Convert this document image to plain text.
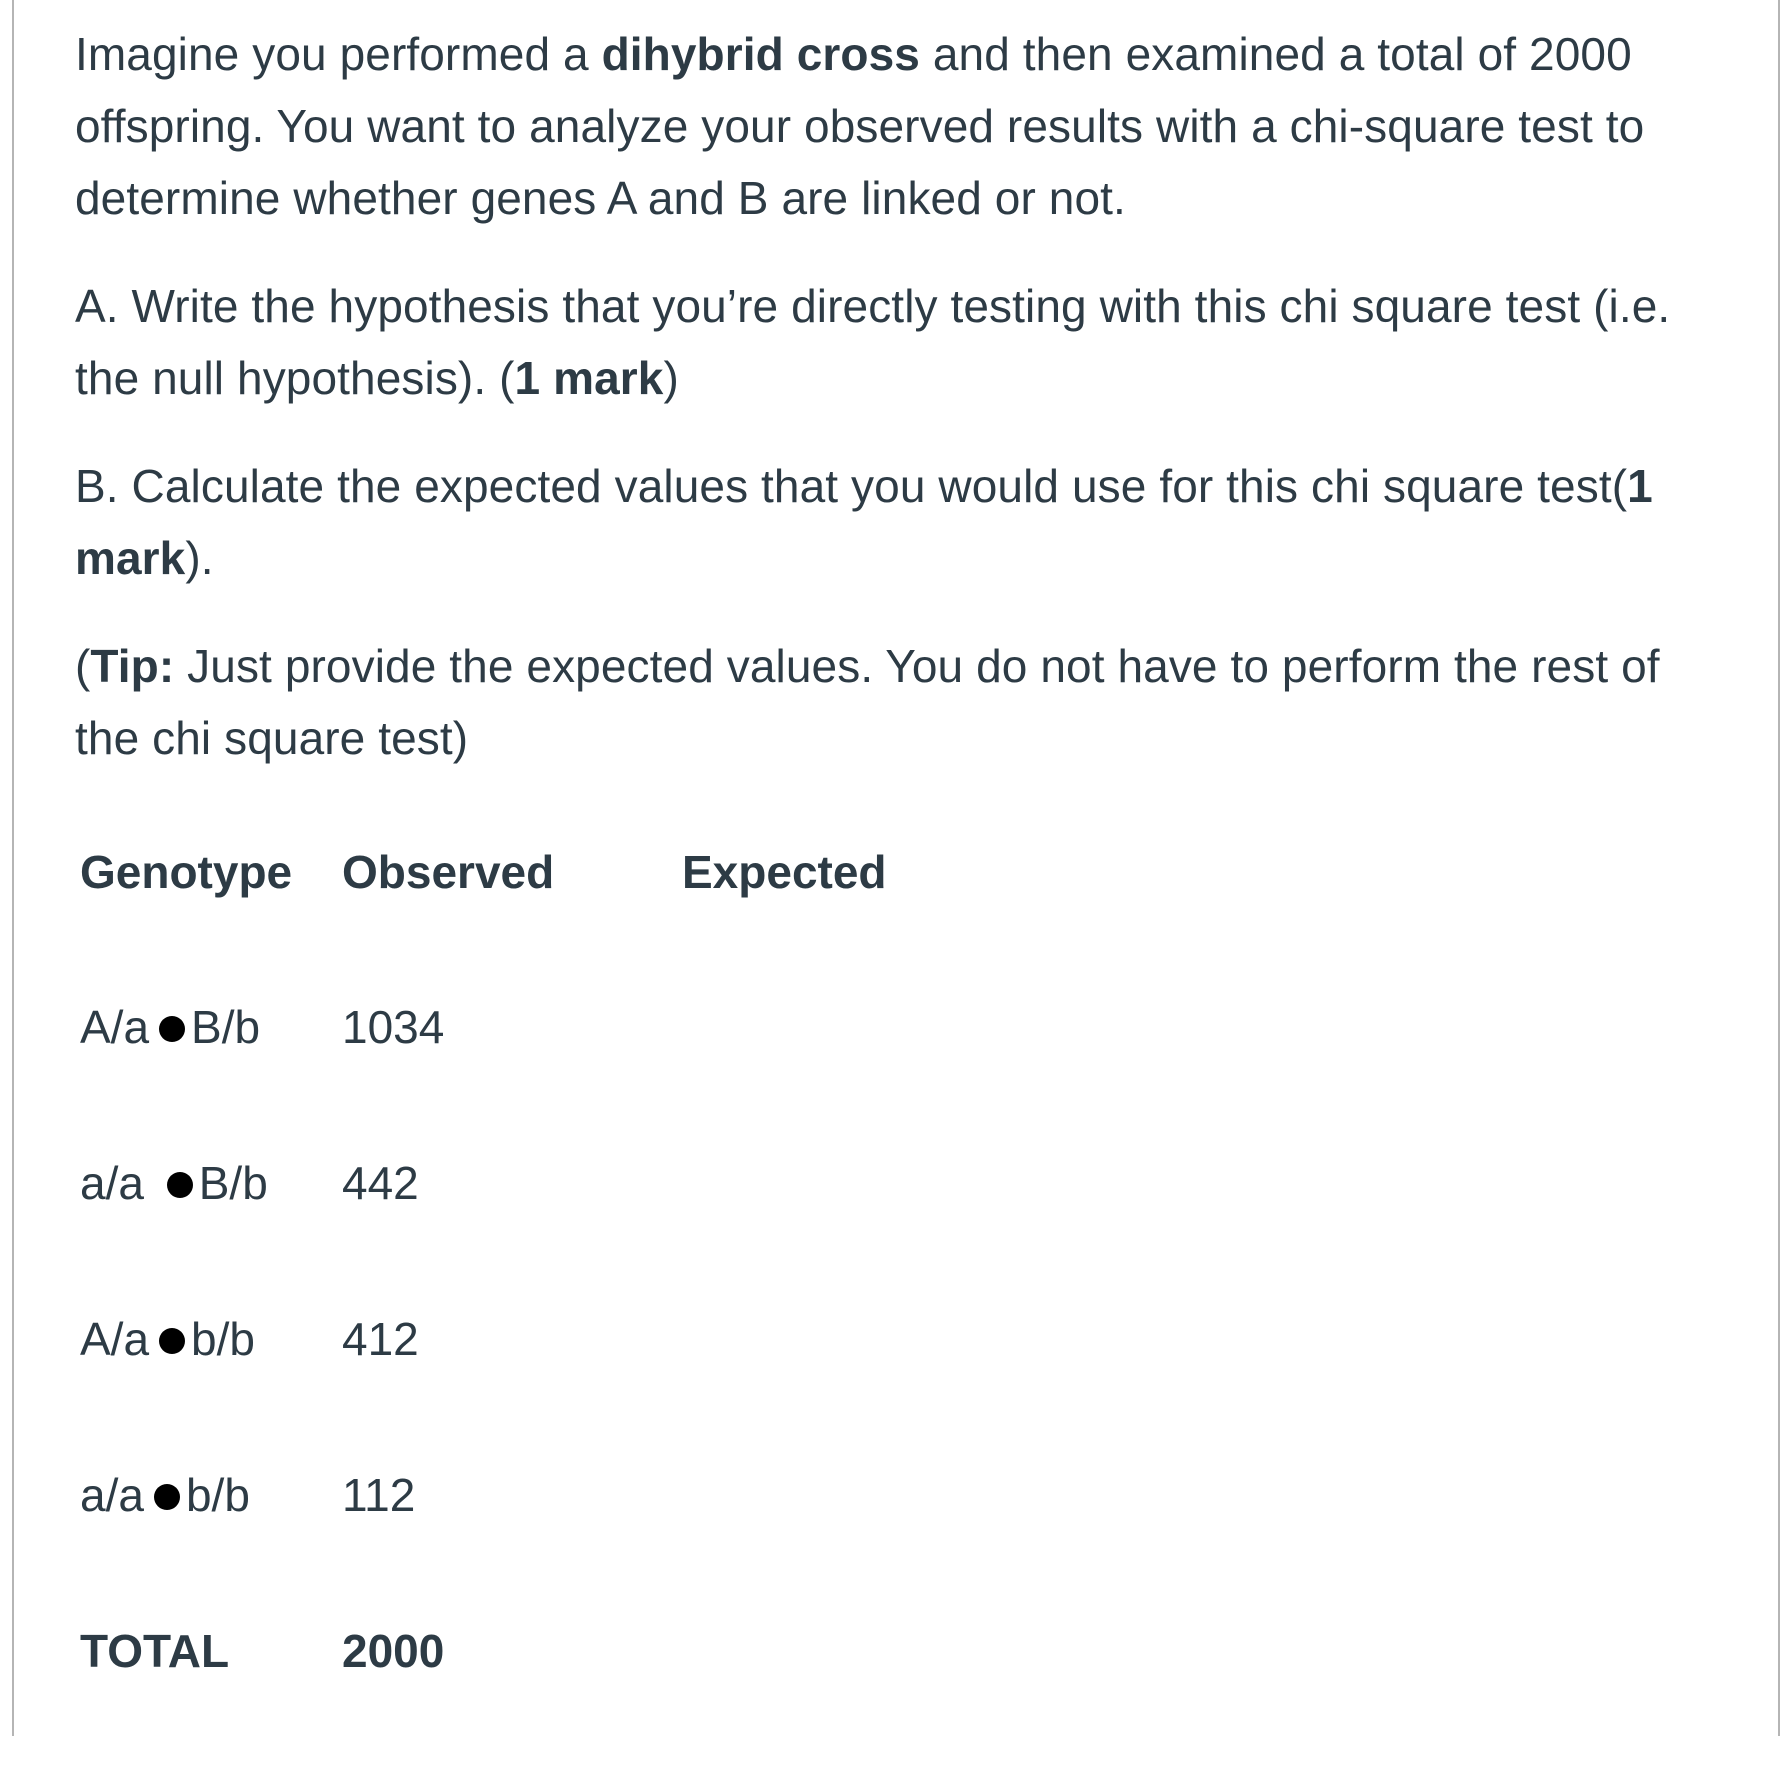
Imagine you performed a dihybrid cross and then examined a total of 2000 offspring. You want to analyze your observed results with a chi-square test to determine whether genes A and B are linked or not.

A. Write the hypothesis that you’re directly testing with this chi square test (i.e. the null hypothesis). (1 mark)

B. Calculate the expected values that you would use for this chi square test(1 mark).

(Tip: Just provide the expected values. You do not have to perform the rest of the chi square test)

Genotype	Observed	Expected
A/a B/b	1034
a/a B/b	442
A/a b/b	412
a/a b/b	112
TOTAL	2000
